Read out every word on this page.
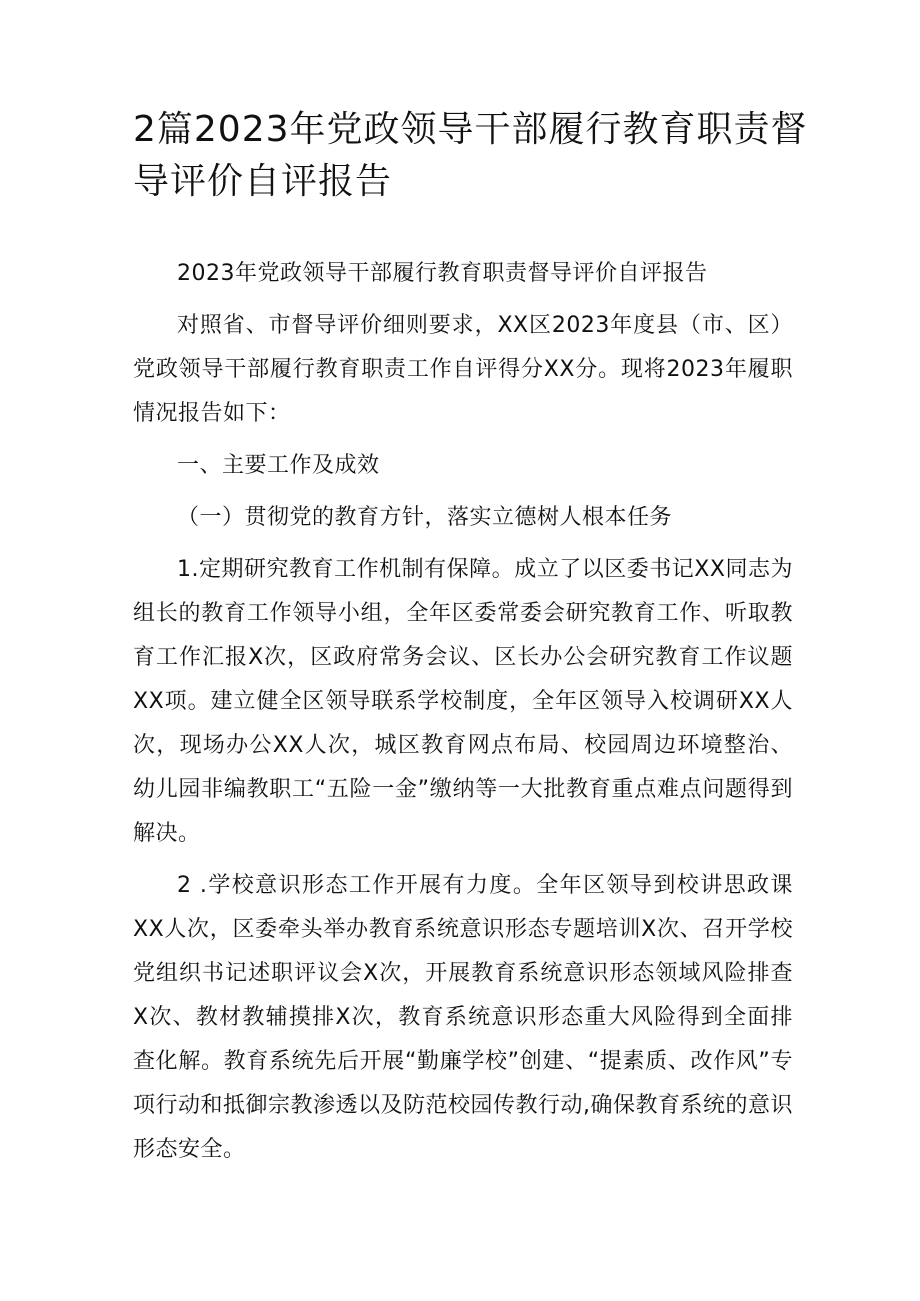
2篇2023年党政领导干部履行教育职责督导评价自评报告

2023年党政领导干部履行教育职责督导评价自评报告

对照省、市督导评价细则要求，XX区2023年度县（市、区）党政领导干部履行教育职责工作自评得分XX分。现将2023年履职情况报告如下：

一、主要工作及成效

（一）贯彻党的教育方针，落实立德树人根本任务

1.定期研究教育工作机制有保障。成立了以区委书记XX同志为组长的教育工作领导小组，全年区委常委会研究教育工作、听取教育工作汇报X次，区政府常务会议、区长办公会研究教育工作议题XX项。建立健全区领导联系学校制度，全年区领导入校调研XX人次，现场办公XX人次，城区教育网点布局、校园周边环境整治、幼儿园非编教职工“五险一金”缴纳等一大批教育重点难点问题得到解决。

2 .学校意识形态工作开展有力度。全年区领导到校讲思政课XX人次，区委牵头举办教育系统意识形态专题培训X次、召开学校党组织书记述职评议会X次，开展教育系统意识形态领域风险排查X次、教材教辅摸排X次，教育系统意识形态重大风险得到全面排查化解。教育系统先后开展“勤廉学校”创建、“提素质、改作风”专项行动和抵御宗教渗透以及防范校园传教行动,确保教育系统的意识形态安全。
